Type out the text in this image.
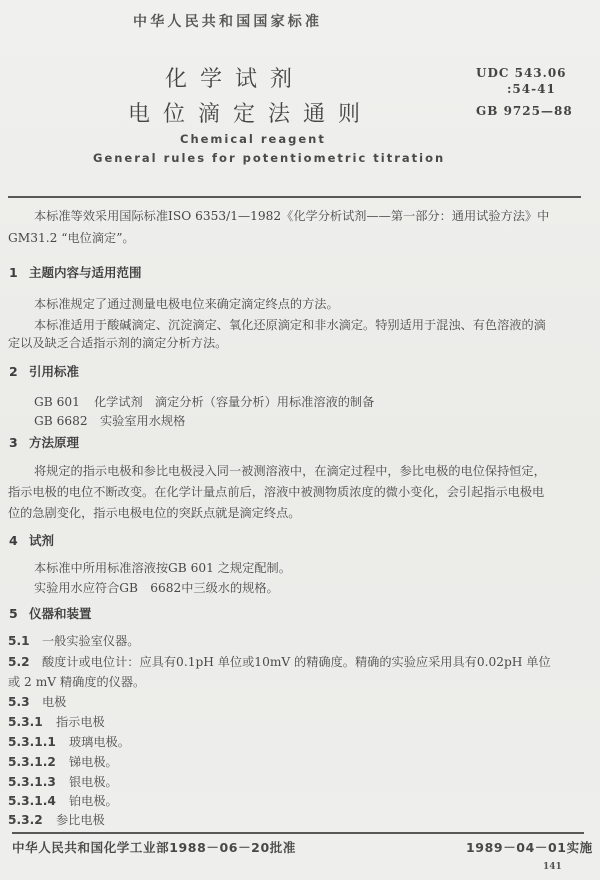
中华人民共和国国家标准
化学试剂
电位滴定法通则
UDC 543.06
:54-41
GB 9725—88
Chemical reagent
General rules for potentiometric titration
本标准等效采用国际标准ISO 6353/1—1982《化学分析试剂——第一部分：通用试验方法》中
GM31.2 “电位滴定”。
1 主题内容与适用范围
本标准规定了通过测量电极电位来确定滴定终点的方法。
本标准适用于酸碱滴定、沉淀滴定、氧化还原滴定和非水滴定。特别适用于混浊、有色溶液的滴
定以及缺乏合适指示剂的滴定分析方法。
2 引用标准
GB 601 化学试剂　滴定分析（容量分析）用标准溶液的制备
GB 6682 实验室用水规格
3 方法原理
将规定的指示电极和参比电极浸入同一被测溶液中，在滴定过程中，参比电极的电位保持恒定，
指示电极的电位不断改变。在化学计量点前后，溶液中被测物质浓度的微小变化，会引起指示电极电
位的急剧变化，指示电极电位的突跃点就是滴定终点。
4 试剂
本标准中所用标准溶液按GB 601 之规定配制。
实验用水应符合GB　6682中三级水的规格。
5 仪器和装置
5.1 一般实验室仪器。
5.2 酸度计或电位计：应具有0.1pH 单位或10mV 的精确度。精确的实验应采用具有0.02pH 单位
或 2 mV 精确度的仪器。
5.3 电极
5.3.1 指示电极
5.3.1.1 玻璃电极。
5.3.1.2 锑电极。
5.3.1.3 银电极。
5.3.1.4 铂电极。
5.3.2 参比电极
中华人民共和国化学工业部1988－06－20批准	1989－04－01实施
141
